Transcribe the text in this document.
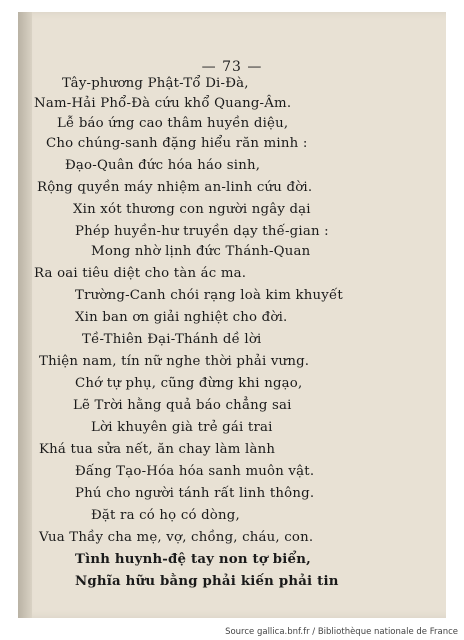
— 73 —
Tây-phương Phật-Tổ Di-Đà,
Nam-Hải Phổ-Đà cứu khổ Quang-Âm.
Lễ báo ứng cao thâm huyền diệu,
Cho chúng-sanh đặng hiểu răn minh :
Đạo-Quân đức hóa háo sinh,
Rộng quyền máy nhiệm an-linh cứu đời.
Xin xót thương con người ngây dại
Phép huyền-hư truyền dạy thế-gian :
Mong nhờ lịnh đức Thánh-Quan
Ra oai tiêu diệt cho tàn ác ma.
Trường-Canh chói rạng loà kim khuyết
Xin ban ơn giải nghiệt cho đời.
Tề-Thiên Đại-Thánh dề lời
Thiện nam, tín nữ nghe thời phải vưng.
Chớ tự phụ, cũng đừng khi ngạo,
Lẽ Trời hằng quả báo chẳng sai
Lời khuyên già trẻ gái trai
Khá tua sửa nết, ăn chay làm lành
Đấng Tạo-Hóa hóa sanh muôn vật.
Phú cho người tánh rất linh thông.
Đặt ra có họ có dòng,
Vua Thầy cha mẹ, vợ, chồng, cháu, con.
Tình huynh-đệ tay non tợ biển,
Nghĩa hữu bằng phải kiến phải tin
Source gallica.bnf.fr / Bibliothèque nationale de France
